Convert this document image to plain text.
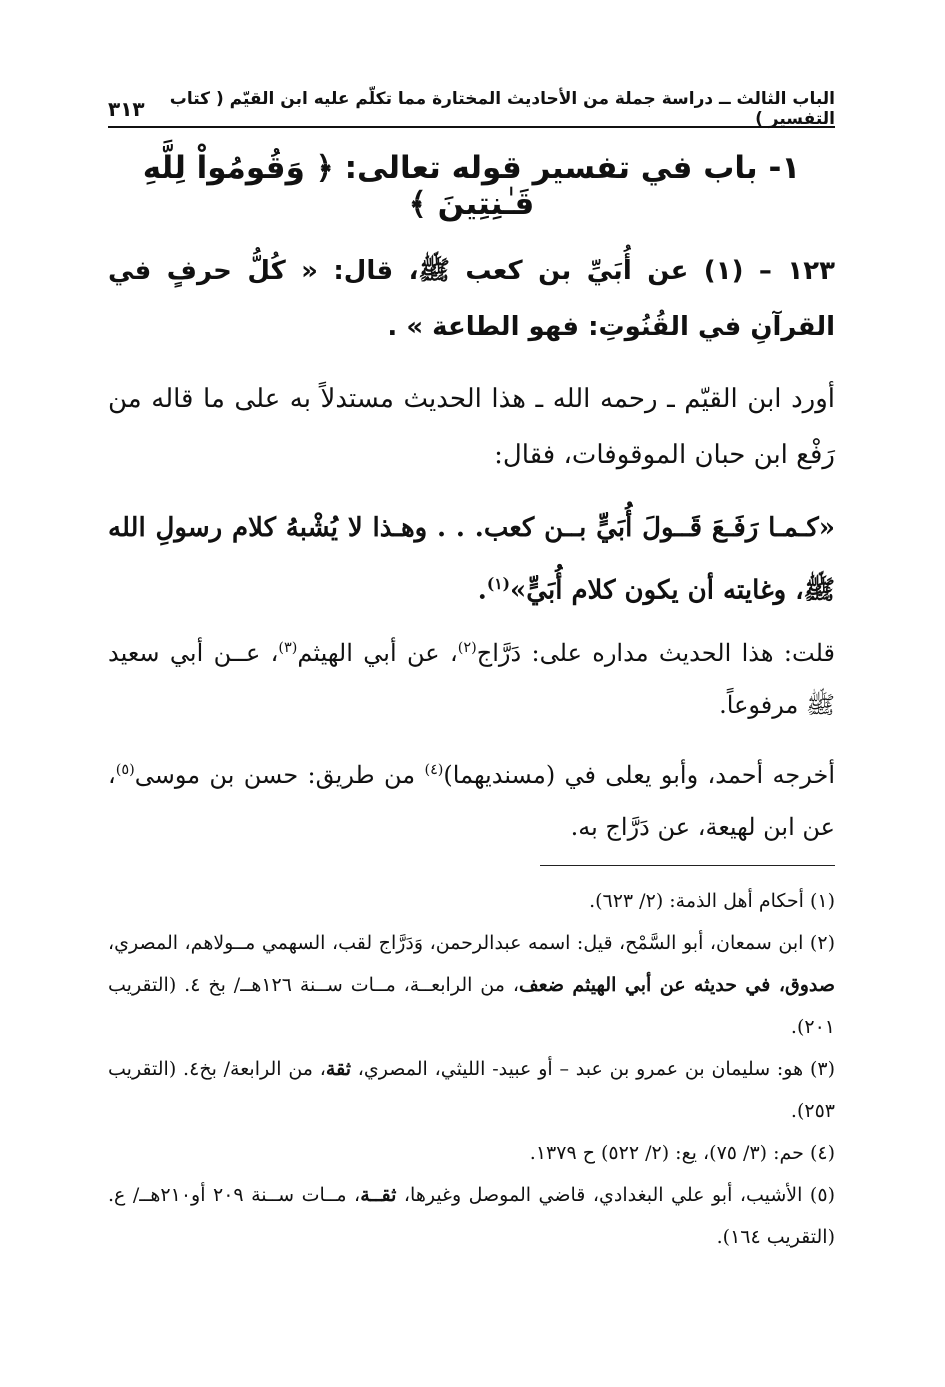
الباب الثالث ــ دراسة جملة من الأحاديث المختارة مما تكلّم عليه ابن القيّم ( كتاب التفسير )
٣١٣
١- باب في تفسير قوله تعالى: ﴿ وَقُومُواْ لِلَّهِ قَـٰنِتِينَ ﴾
١٢٣ – (١) عن أُبَيِّ بن كعب ﷺ، قال: « كُلُّ حرفٍ في القرآنِ في القُنُوتِ: فهو الطاعة » .
أورد ابن القيّم ـ رحمه الله ـ هذا الحديث مستدلاً به على ما قاله من رَفْع ابن حبان الموقوفات، فقال:
«كـمـا رَفَـعَ قَــولَ أُبَيٍّ بــن كعب. . . وهـذا لا يُشْبهُ كلام رسولِ الله ﷺ، وغايته أن يكون كلام أُبَيٍّ»$^{(١)}$.
قلت: هذا الحديث مداره على: دَرَّاج$^{(٢)}$، عن أبي الهيثم$^{(٣)}$، عــن أبي سعيد ﷺ مرفوعاً.
أخرجه أحمد، وأبو يعلى في (مسنديهما)$^{(٤)}$ من طريق: حسن بن موسى$^{(٥)}$، عن ابن لهيعة، عن دَرَّاج به.

(١) أحكام أهل الذمة: (٢/ ٦٢٣).

(٢) ابن سمعان، أبو السَّمْح، قيل: اسمه عبدالرحمن، وَدَرَّاج لقب، السهمي مــولاهم، المصري، صدوق، في حديثه عن أبي الهيثم ضعف، من الرابعــة، مــات ســنة ١٢٦هــ/ بخ ٤. (التقريب ٢٠١).

(٣) هو: سليمان بن عمرو بن عبد – أو عبيد- الليثي، المصري، ثقة، من الرابعة/ بخ٤. (التقريب ٢٥٣).

(٤) حم: (٣/ ٧٥)، يع: (٢/ ٥٢٢) ح ١٣٧٩.

(٥) الأشيب، أبو علي البغدادي، قاضي الموصل وغيرها، ثقــة، مــات ســنة ٢٠٩ أو٢١٠هــ/ ع. (التقريب ١٦٤).
